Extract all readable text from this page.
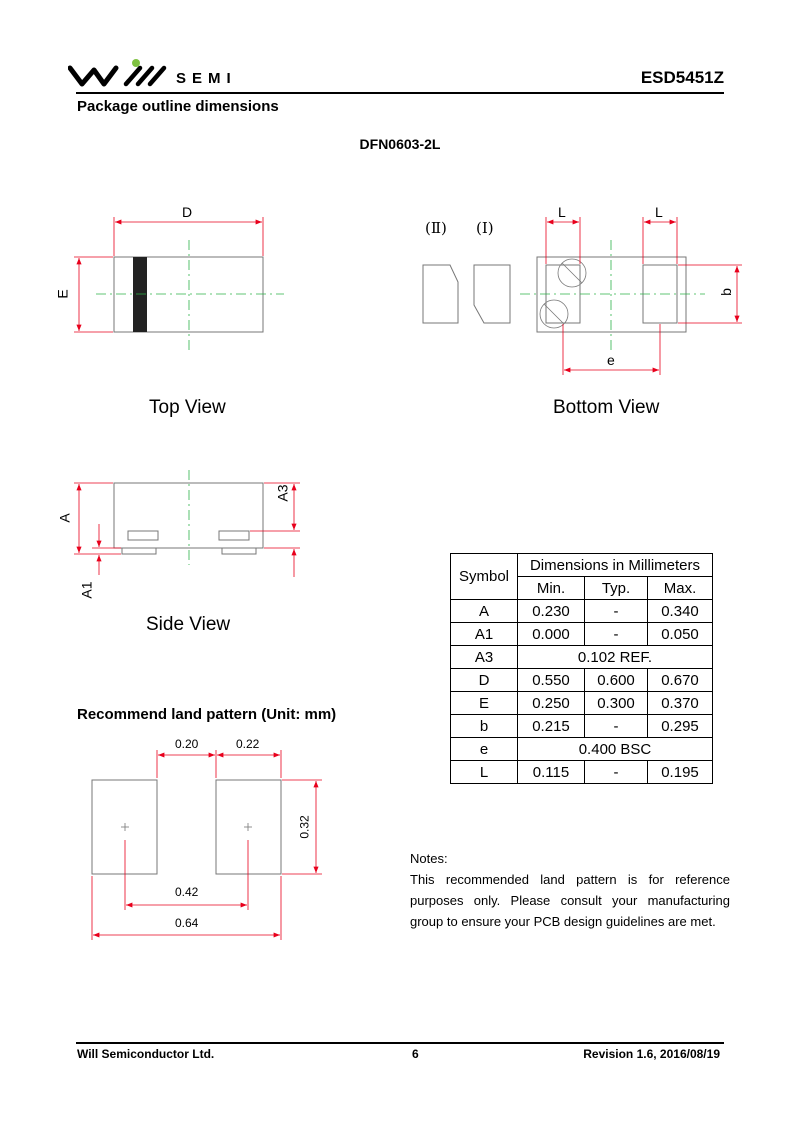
SEMI	ESD5451Z
Package outline dimensions
DFN0603-2L
D
E
L	L
b
e
(Ⅱ) (Ⅰ)
A
A1
A3
Top View	Bottom View
Side View
Recommend land pattern (Unit: mm)
0.20	0.22
0.32
0.42
0.64
Symbol	Dimensions in Millimeters		
	Min.	Typ.	Max.
A	0.230	-	0.340
A1	0.000	-	0.050
A3	0.102 REF.		
D	0.550	0.600	0.670
E	0.250	0.300	0.370
b	0.215	-	0.295
e	0.400 BSC		
L	0.115	-	0.195
Notes:
This recommended land pattern is for reference purposes only. Please consult your manufacturing group to ensure your PCB design guidelines are met.
Will Semiconductor Ltd.	6	Revision 1.6, 2016/08/19
